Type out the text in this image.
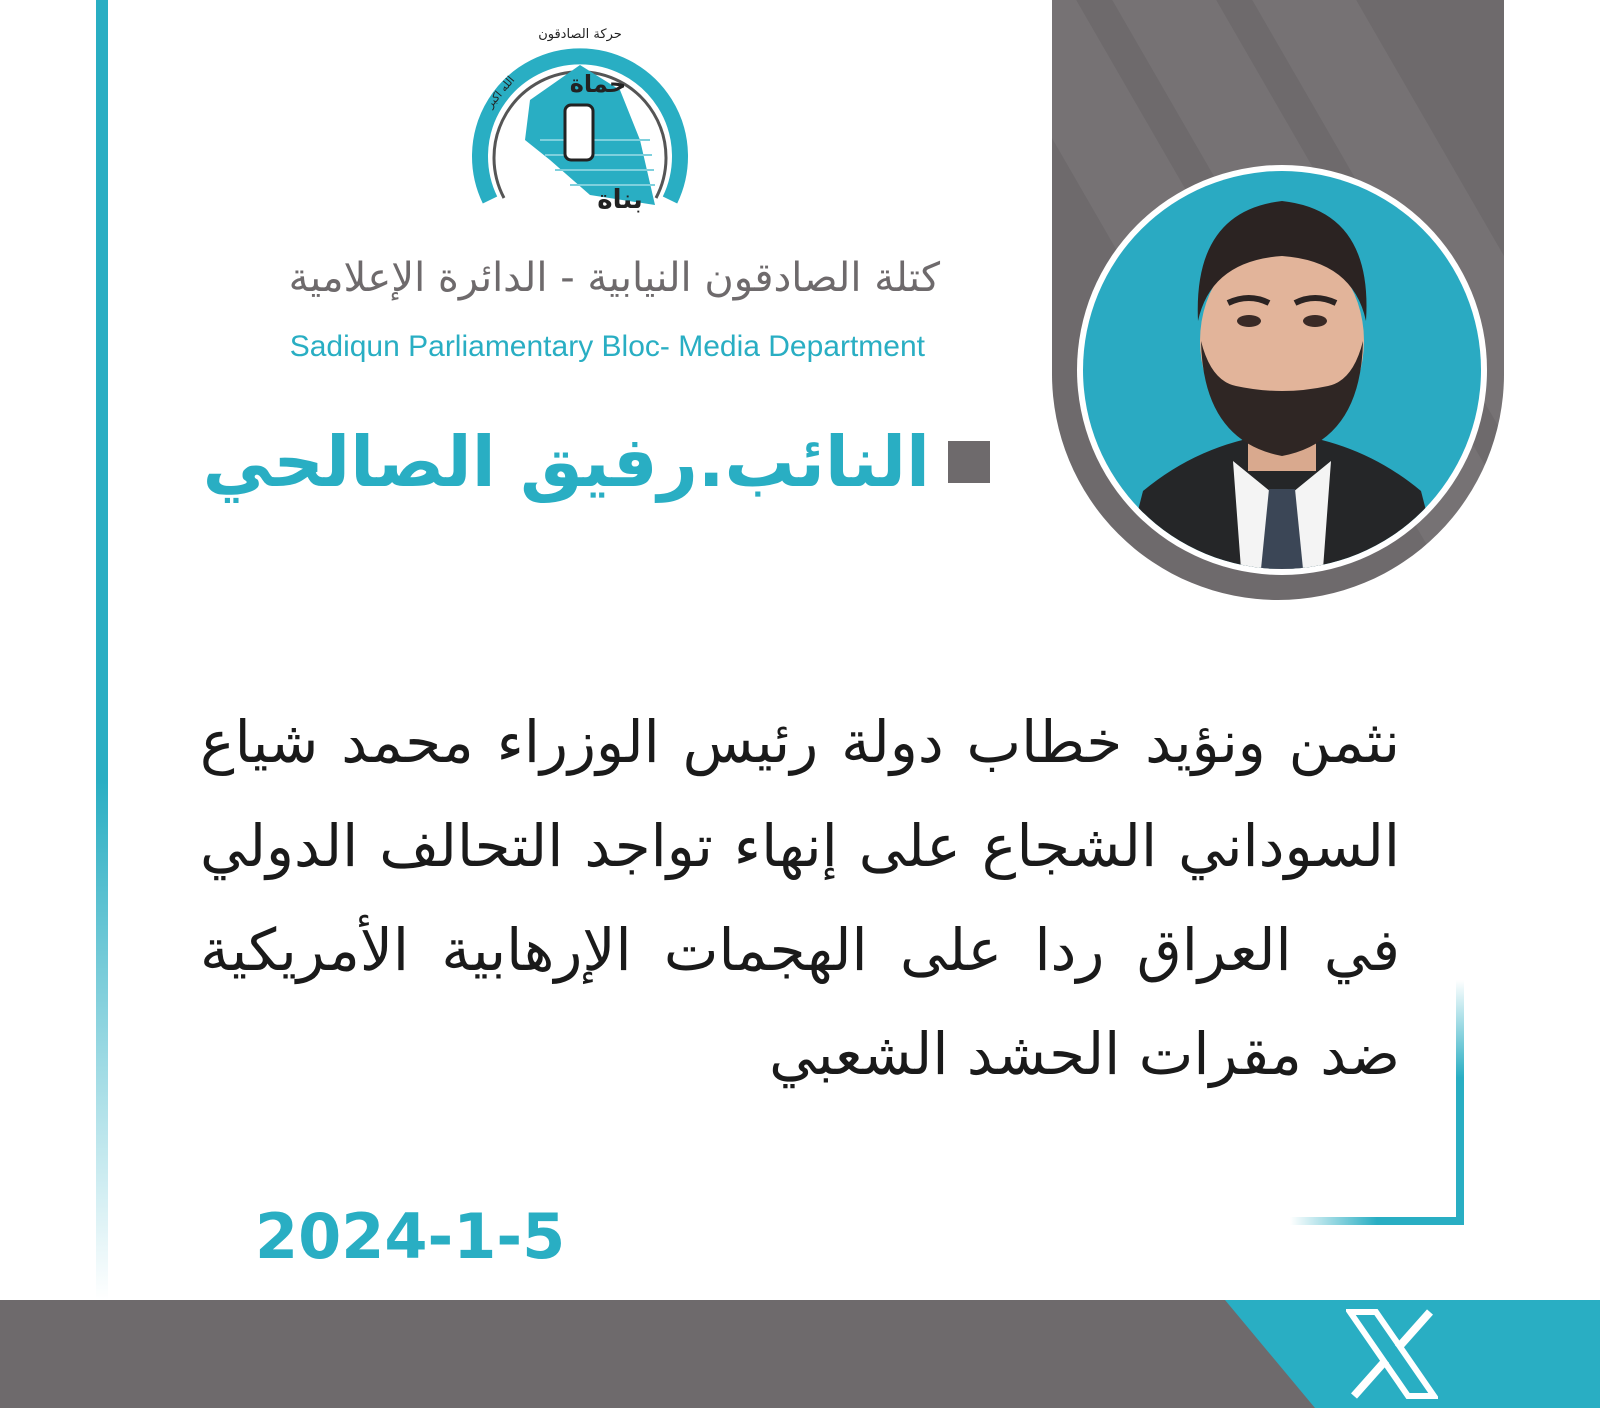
حماة
بناة
حركة الصادقون
الله اكبر
كتلة الصادقون النيابية - الدائرة الإعلامية
Sadiqun Parliamentary Bloc- Media Department
النائب.رفيق الصالحي
نثمن ونؤيد خطاب دولة رئيس الوزراء محمد شياع السوداني الشجاع على إنهاء تواجد التحالف الدولي في العراق ردا على الهجمات الإرهابية الأمريكية ضد مقرات الحشد الشعبي
2024-1-5
